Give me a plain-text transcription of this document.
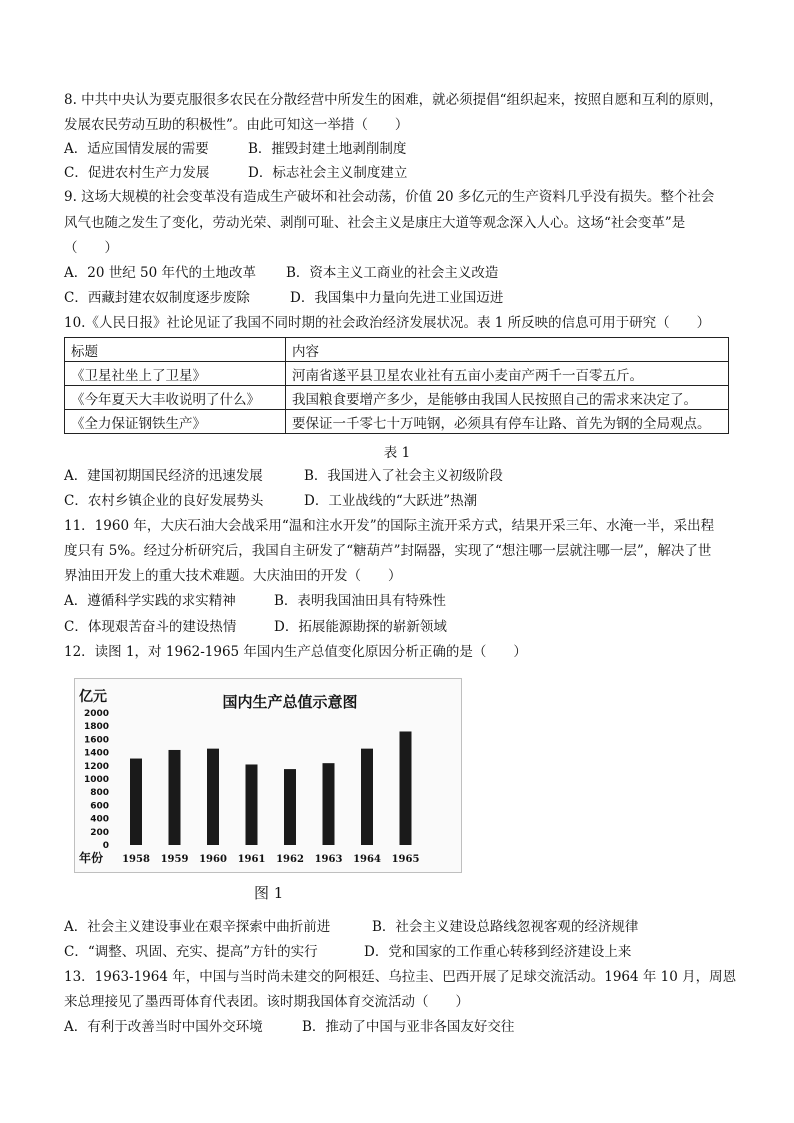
8. 中共中央认为要克服很多农民在分散经营中所发生的困难，就必须提倡“组织起来，按照自愿和互利的原则，
发展农民劳动互助的积极性”。由此可知这一举措（　　）
A．适应国情发展的需要	B．摧毁封建土地剥削制度
C．促进农村生产力发展	D．标志社会主义制度建立
9. 这场大规模的社会变革没有造成生产破坏和社会动荡，价值 20 多亿元的生产资料几乎没有损失。整个社会
风气也随之发生了变化，劳动光荣、剥削可耻、社会主义是康庄大道等观念深入人心。这场“社会变革”是
（　　）
A．20 世纪 50 年代的土地改革 B．资本主义工商业的社会主义改造
C．西藏封建农奴制度逐步废除	D．我国集中力量向先进工业国迈进
10.《人民日报》社论见证了我国不同时期的社会政治经济发展状况。表 1 所反映的信息可用于研究（　　）
标题	内容
《卫星社坐上了卫星》	河南省遂平县卫星农业社有五亩小麦亩产两千一百零五斤。
《今年夏天大丰收说明了什么》	我国粮食要增产多少，是能够由我国人民按照自己的需求来决定了。
《全力保证钢铁生产》	要保证一千零七十万吨钢，必须具有停车让路、首先为钢的全局观点。
表 1
A．建国初期国民经济的迅速发展	B．我国进入了社会主义初级阶段
C．农村乡镇企业的良好发展势头	D．工业战线的“大跃进”热潮
11．1960 年，大庆石油大会战采用“温和注水开发”的国际主流开采方式，结果开采三年、水淹一半，采出程
度只有 5%。经过分析研究后，我国自主研发了“糖葫芦”封隔器，实现了“想注哪一层就注哪一层”，解决了世
界油田开发上的重大技术难题。大庆油田的开发（　　）
A．遵循科学实践的求实精神	B．表明我国油田具有特殊性
C．体现艰苦奋斗的建设热情	D．拓展能源勘探的崭新领域
12．读图 1，对 1962-1965 年国内生产总值变化原因分析正确的是（　　）
亿元	国内生产总值示意图
年份
0
200
400
600
800
1000
1200
1400
1600
1800
2000
1958 1959 1960 1961 1962 1963 1964 1965
图 1
A．社会主义建设事业在艰辛探索中曲折前进	B．社会主义建设总路线忽视客观的经济规律
C．“调整、巩固、充实、提高”方针的实行	D．党和国家的工作重心转移到经济建设上来
13．1963-1964 年，中国与当时尚未建交的阿根廷、乌拉圭、巴西开展了足球交流活动。1964 年 10 月，周恩
来总理接见了墨西哥体育代表团。该时期我国体育交流活动（　　）
A．有利于改善当时中国外交环境	B．推动了中国与亚非各国友好交往
